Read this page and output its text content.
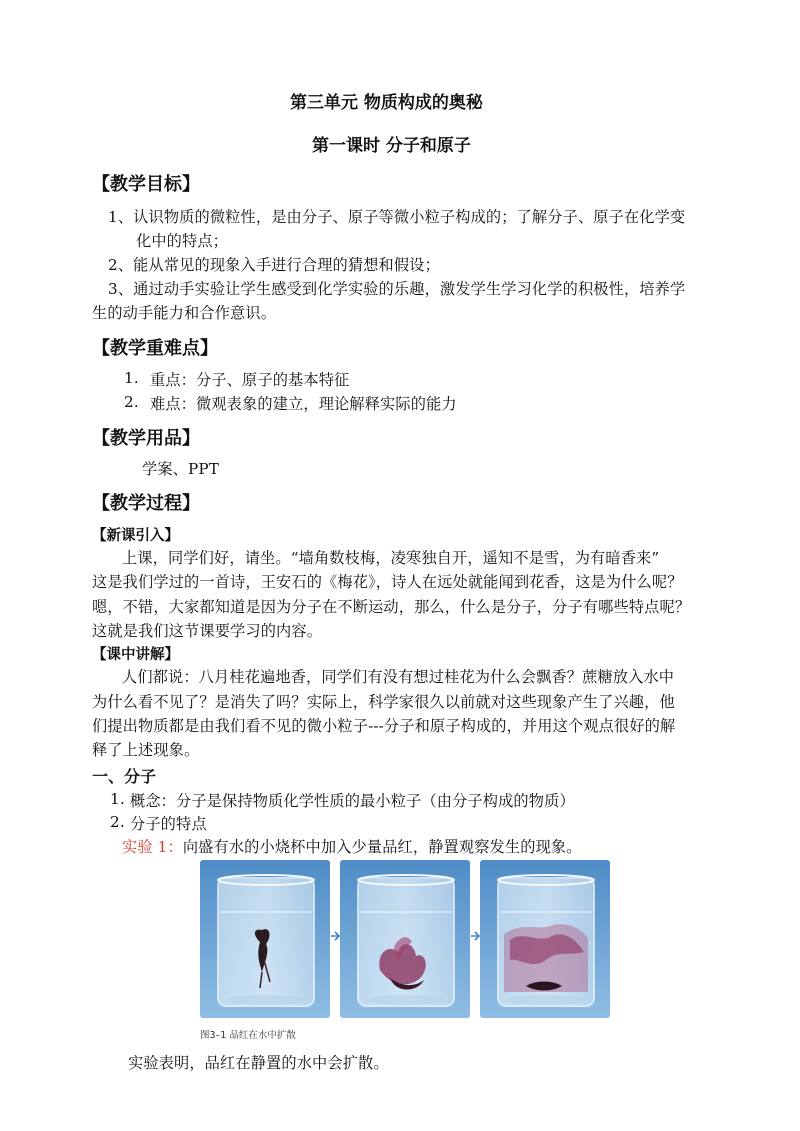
第三单元 物质构成的奥秘
第一课时 分子和原子
【教学目标】
1、认识物质的微粒性，是由分子、原子等微小粒子构成的；了解分子、原子在化学变
化中的特点；
2、能从常见的现象入手进行合理的猜想和假设；
3、通过动手实验让学生感受到化学实验的乐趣，激发学生学习化学的积极性，培养学
生的动手能力和合作意识。
【教学重难点】
1. 重点：分子、原子的基本特征
2. 难点：微观表象的建立，理论解释实际的能力
【教学用品】
学案、PPT
【教学过程】
【新课引入】
上课，同学们好，请坐。“墙角数枝梅，凌寒独自开，遥知不是雪，为有暗香来”
这是我们学过的一首诗，王安石的《梅花》，诗人在远处就能闻到花香，这是为什么呢？
嗯，不错，大家都知道是因为分子在不断运动，那么，什么是分子，分子有哪些特点呢？
这就是我们这节课要学习的内容。
【课中讲解】
人们都说：八月桂花遍地香，同学们有没有想过桂花为什么会飘香？蔗糖放入水中
为什么看不见了？是消失了吗？实际上，科学家很久以前就对这些现象产生了兴趣，他
们提出物质都是由我们看不见的微小粒子---分子和原子构成的，并用这个观点很好的解
释了上述现象。
一、分子
1. 概念：分子是保持物质化学性质的最小粒子（由分子构成的物质）
2. 分子的特点
实验 1：向盛有水的小烧杯中加入少量品红，静置观察发生的现象。
图3–1 品红在水中扩散
实验表明，品红在静置的水中会扩散。
